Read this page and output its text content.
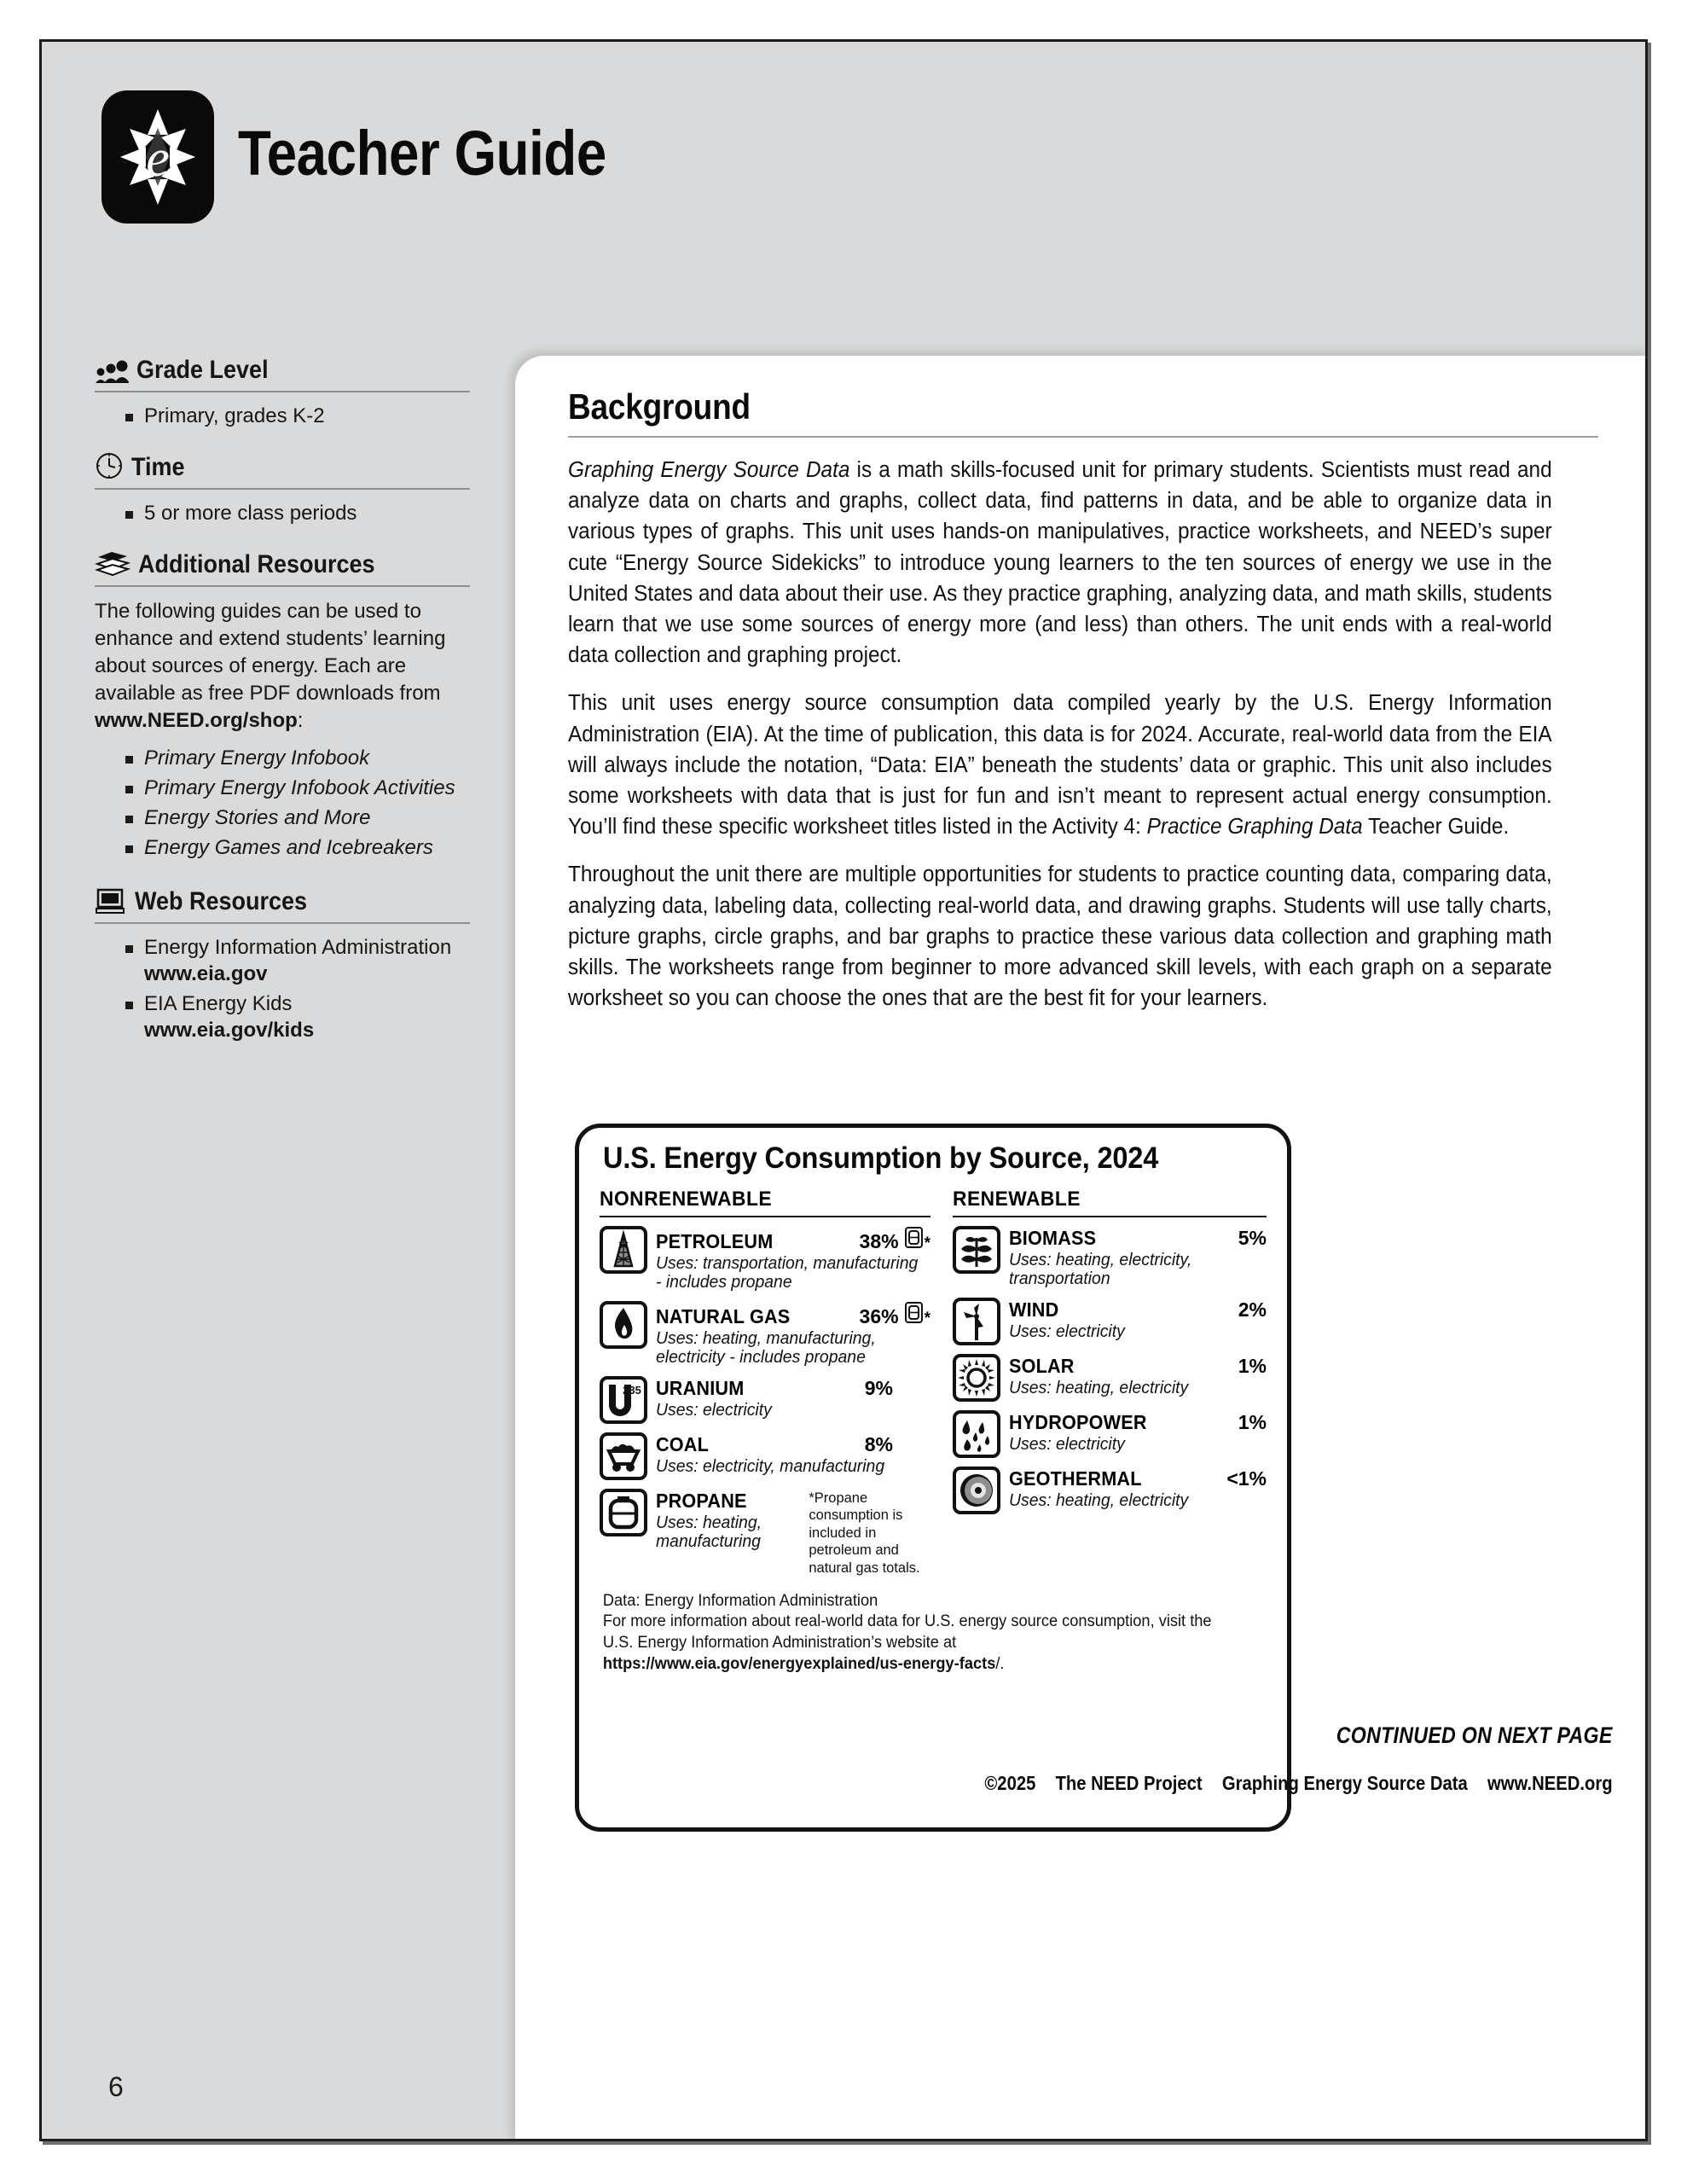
e Teacher Guide
Grade Level
Primary, grades K-2
Time
5 or more class periods
Additional Resources
The following guides can be used to enhance and extend students’ learning about sources of energy. Each are available as free PDF downloads from www.NEED.org/shop:
Primary Energy Infobook
Primary Energy Infobook Activities
Energy Stories and More
Energy Games and Icebreakers
Web Resources
Energy Information Administration
www.eia.gov
EIA Energy Kids
www.eia.gov/kids
Background

Graphing Energy Source Data is a math skills-focused unit for primary students. Scientists must read and analyze data on charts and graphs, collect data, find patterns in data, and be able to organize data in various types of graphs. This unit uses hands-on manipulatives, practice worksheets, and NEED’s super cute “Energy Source Sidekicks” to introduce young learners to the ten sources of energy we use in the United States and data about their use. As they practice graphing, analyzing data, and math skills, students learn that we use some sources of energy more (and less) than others. The unit ends with a real-world data collection and graphing project.

This unit uses energy source consumption data compiled yearly by the U.S. Energy Information Administration (EIA). At the time of publication, this data is for 2024. Accurate, real-world data from the EIA will always include the notation, “Data: EIA” beneath the students’ data or graphic. This unit also includes some worksheets with data that is just for fun and isn’t meant to represent actual energy consumption. You’ll find these specific worksheet titles listed in the Activity 4: Practice Graphing Data Teacher Guide.

Throughout the unit there are multiple opportunities for students to practice counting data, comparing data, analyzing data, labeling data, collecting real-world data, and drawing graphs. Students will use tally charts, picture graphs, circle graphs, and bar graphs to practice these various data collection and graphing math skills. The worksheets range from beginner to more advanced skill levels, with each graph on a separate worksheet so you can choose the ones that are the best fit for your learners.

U.S. Energy Consumption by Source, 2024
NONRENEWABLE
PETROLEUM	38% *
Uses: transportation, manufacturing - includes propane
NATURAL GAS	36% *
Uses: heating, manufacturing, electricity - includes propane
235 URANIUM	9%
Uses: electricity
COAL	8%
Uses: electricity, manufacturing
PROPANE
Uses: heating, manufacturing
*Propane consumption is included in petroleum and natural gas totals.
RENEWABLE
BIOMASS	5%
Uses: heating, electricity, transportation
WIND	2%
Uses: electricity
SOLAR	1%
Uses: heating, electricity
HYDROPOWER	1%
Uses: electricity
GEOTHERMAL	<1%
Uses: heating, electricity
Data: Energy Information Administration
For more information about real-world data for U.S. energy source consumption, visit the U.S. Energy Information Administration’s website at
https://www.eia.gov/energyexplained/us-energy-facts/.
6
CONTINUED ON NEXT PAGE
©2025 The NEED Project Graphing Energy Source Data www.NEED.org
